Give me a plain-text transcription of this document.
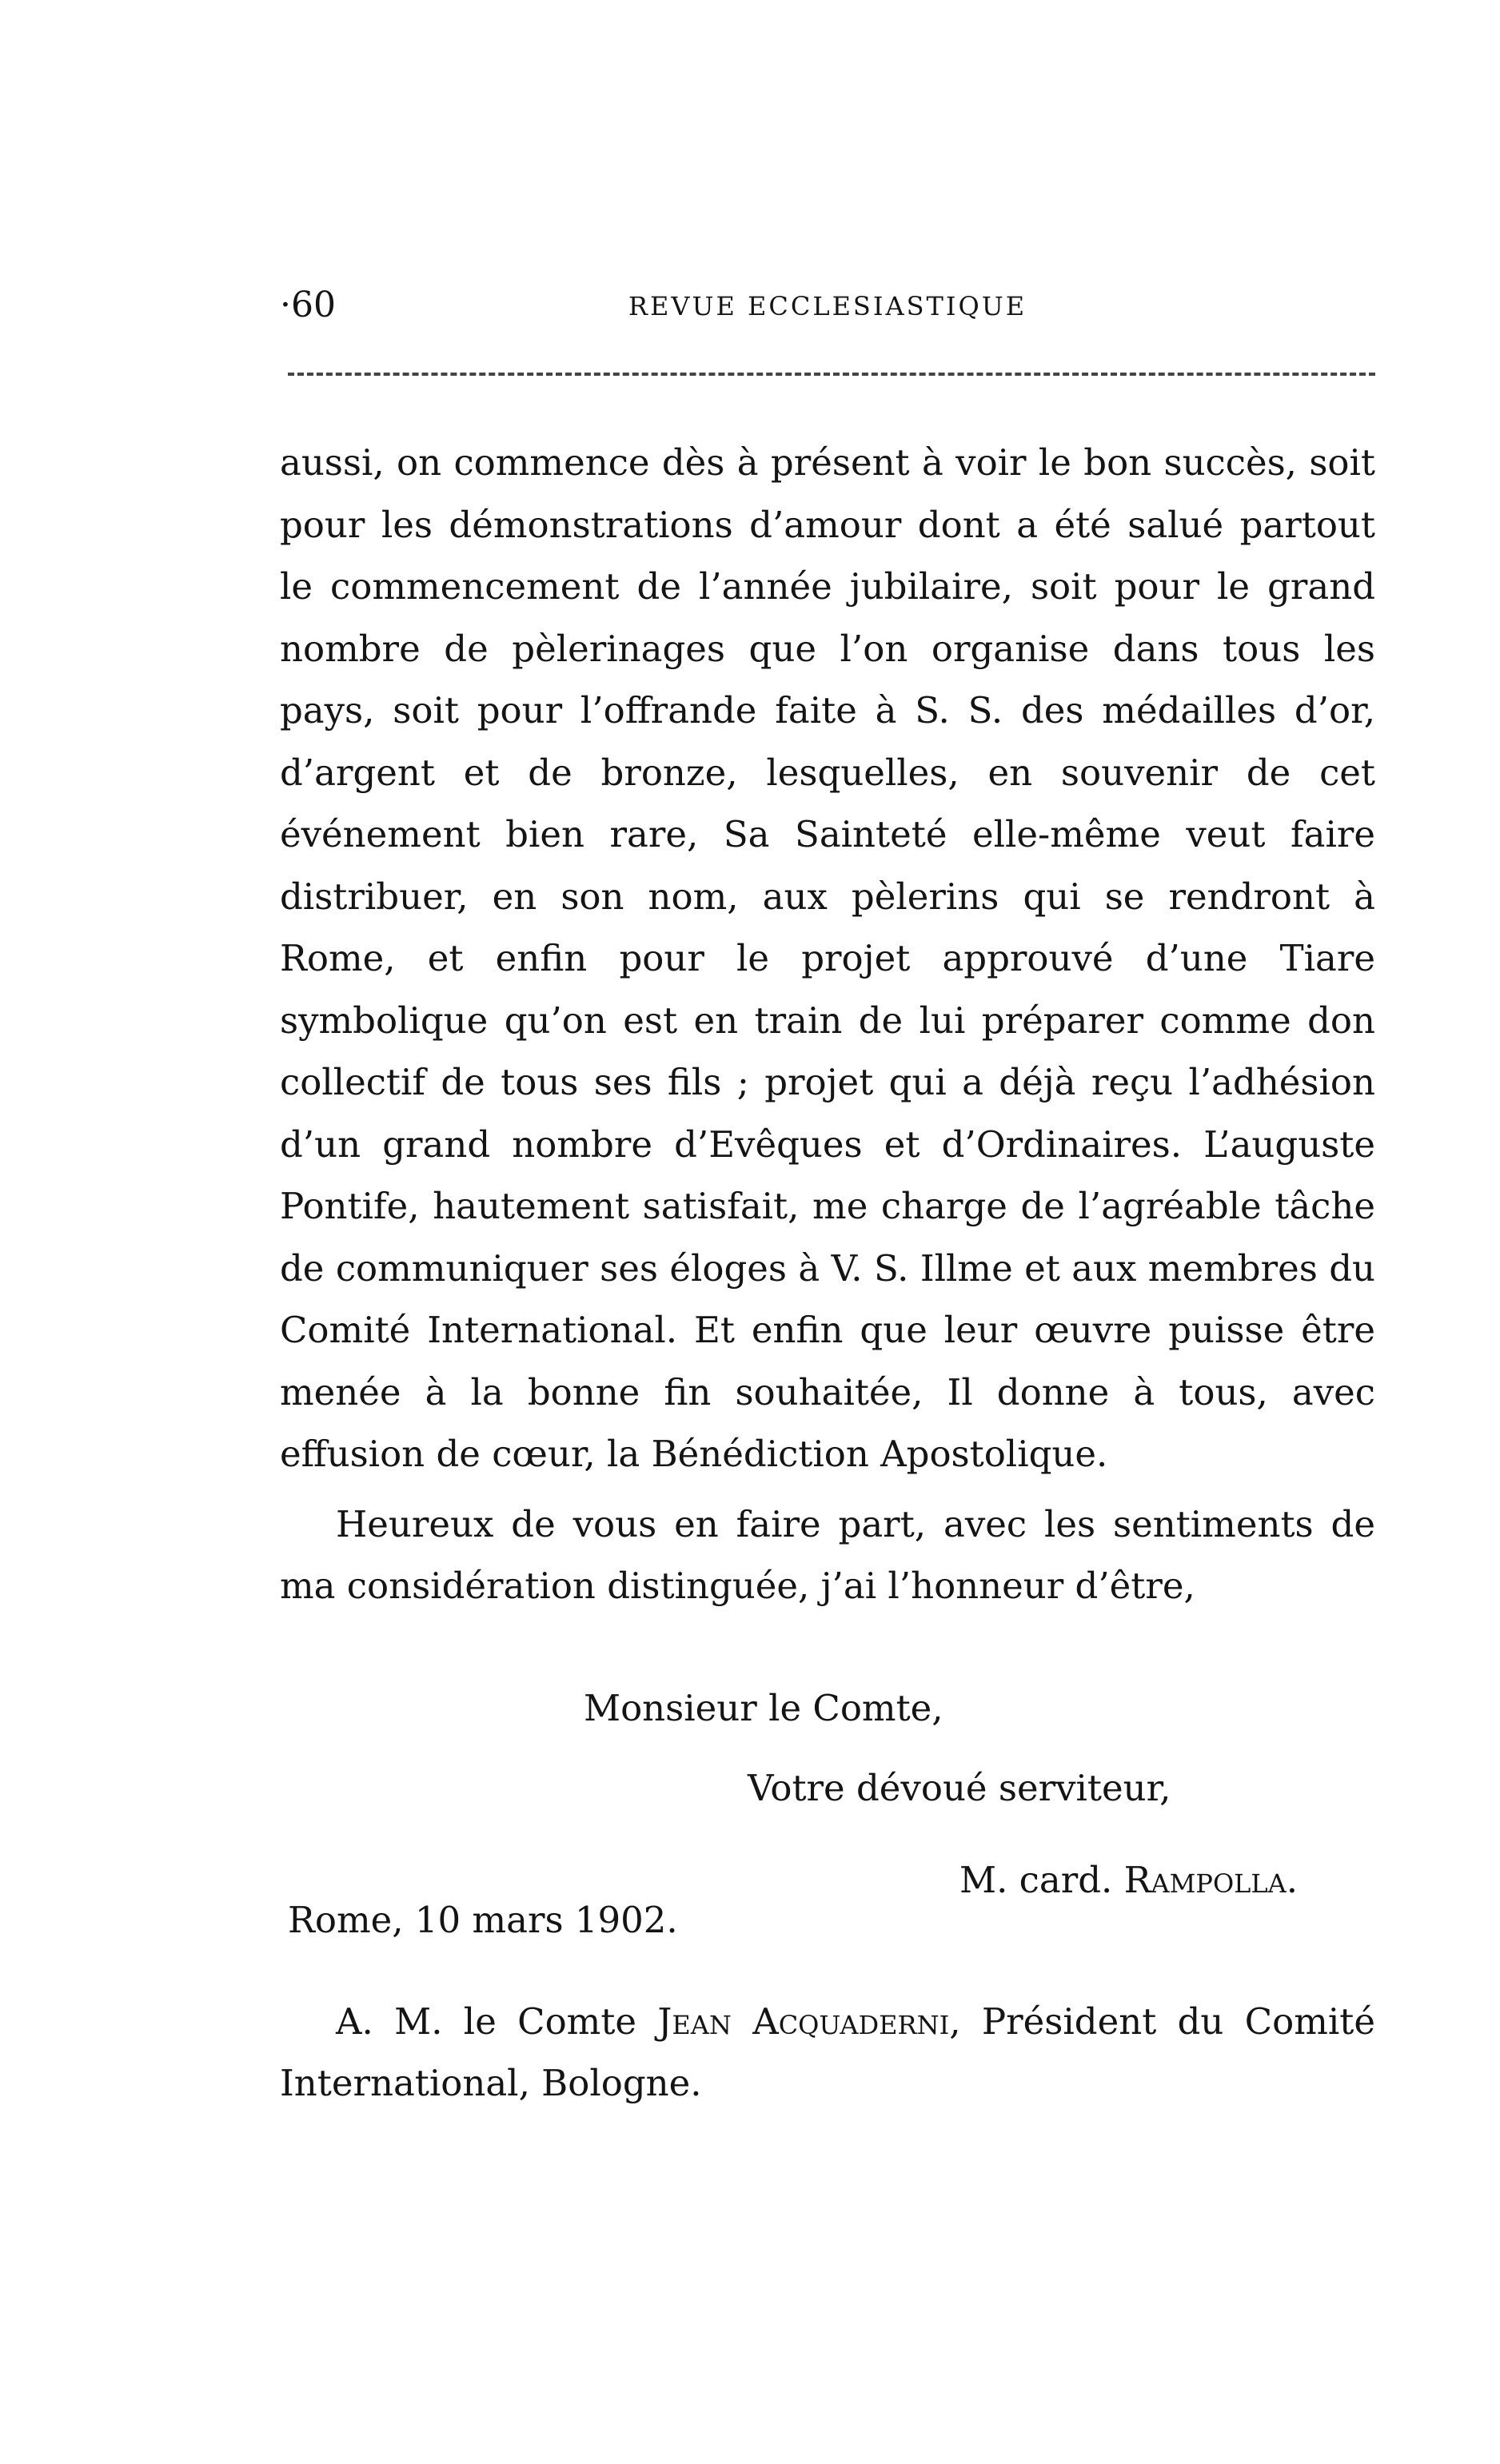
·60	REVUE ECCLESIASTIQUE

aussi, on commence dès à présent à voir le bon succès, soit pour les démonstrations d’amour dont a été salué partout le commencement de l’année jubilaire, soit pour le grand nombre de pèlerinages que l’on organise dans tous les pays, soit pour l’offrande faite à S. S. des médailles d’or, d’argent et de bronze, lesquelles, en souvenir de cet événement bien rare, Sa Sainteté elle-même veut faire distribuer, en son nom, aux pèlerins qui se rendront à Rome, et enfin pour le projet approuvé d’une Tiare symbolique qu’on est en train de lui préparer comme don collectif de tous ses fils ; projet qui a déjà reçu l’adhésion d’un grand nombre d’Evêques et d’Ordinaires. L’auguste Pontife, hautement satisfait, me charge de l’agréable tâche de communiquer ses éloges à V. S. Illme et aux membres du Comité International. Et enfin que leur œuvre puisse être menée à la bonne fin souhaitée, Il donne à tous, avec effusion de cœur, la Bénédiction Apostolique.

Heureux de vous en faire part, avec les sentiments de ma considération distinguée, j’ai l’honneur d’être,

Monsieur le Comte,
Votre dévoué serviteur,
M. card. Rampolla.
Rome, 10 mars 1902.

A. M. le Comte Jean Acquaderni, Président du Comité International, Bologne.
